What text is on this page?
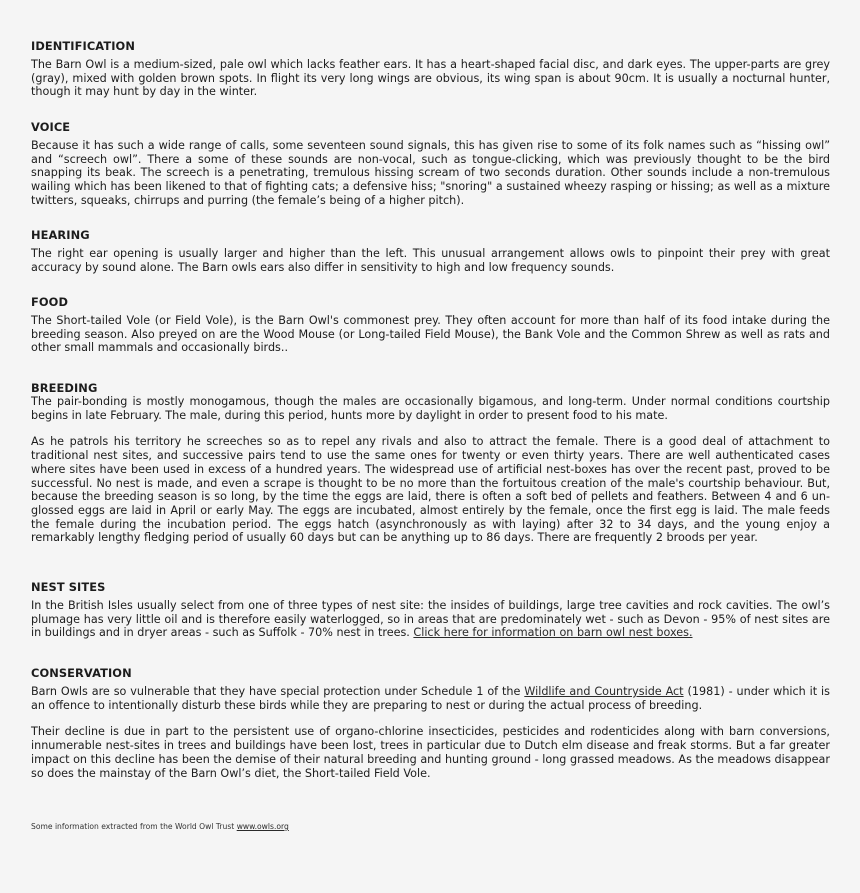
IDENTIFICATION

The Barn Owl is a medium-sized, pale owl which lacks feather ears. It has a heart-shaped facial disc, and dark eyes. The upper-parts are grey (gray), mixed with golden brown spots. In flight its very long wings are obvious, its wing span is about 90cm. It is usually a nocturnal hunter, though it may hunt by day in the winter.

VOICE

Because it has such a wide range of calls, some seventeen sound signals, this has given rise to some of its folk names such as “hissing owl” and “screech owl”. There a some of these sounds are non-vocal, such as tongue-clicking, which was previously thought to be the bird snapping its beak. The screech is a penetrating, tremulous hissing scream of two seconds duration. Other sounds include a non-tremulous wailing which has been likened to that of fighting cats; a defensive hiss; "snoring" a sustained wheezy rasping or hissing; as well as a mixture twitters, squeaks, chirrups and purring (the female’s being of a higher pitch).

HEARING

The right ear opening is usually larger and higher than the left. This unusual arrangement allows owls to pinpoint their prey with great accuracy by sound alone. The Barn owls ears also differ in sensitivity to high and low frequency sounds.

FOOD

The Short-tailed Vole (or Field Vole), is the Barn Owl's commonest prey. They often account for more than half of its food intake during the breeding season. Also preyed on are the Wood Mouse (or Long-tailed Field Mouse), the Bank Vole and the Common Shrew as well as rats and other small mammals and occasionally birds..

BREEDING

The pair-bonding is mostly monogamous, though the males are occasionally bigamous, and long-term. Under normal conditions courtship begins in late February. The male, during this period, hunts more by daylight in order to present food to his mate.

As he patrols his territory he screeches so as to repel any rivals and also to attract the female. There is a good deal of attachment to traditional nest sites, and successive pairs tend to use the same ones for twenty or even thirty years. There are well authenticated cases where sites have been used in excess of a hundred years. The widespread use of artificial nest-boxes has over the recent past, proved to be successful. No nest is made, and even a scrape is thought to be no more than the fortuitous creation of the male's courtship behaviour. But, because the breeding season is so long, by the time the eggs are laid, there is often a soft bed of pellets and feathers. Between 4 and 6 un-glossed eggs are laid in April or early May. The eggs are incubated, almost entirely by the female, once the first egg is laid. The male feeds the female during the incubation period. The eggs hatch (asynchronously as with laying) after 32 to 34 days, and the young enjoy a remarkably lengthy fledging period of usually 60 days but can be anything up to 86 days. There are frequently 2 broods per year.

NEST SITES

In the British Isles usually select from one of three types of nest site: the insides of buildings, large tree cavities and rock cavities. The owl’s plumage has very little oil and is therefore easily waterlogged, so in areas that are predominately wet - such as Devon - 95% of nest sites are in buildings and in dryer areas - such as Suffolk - 70% nest in trees. Click here for information on barn owl nest boxes.

CONSERVATION

Barn Owls are so vulnerable that they have special protection under Schedule 1 of the Wildlife and Countryside Act (1981) - under which it is an offence to intentionally disturb these birds while they are preparing to nest or during the actual process of breeding.

Their decline is due in part to the persistent use of organo-chlorine insecticides, pesticides and rodenticides along with barn conversions, innumerable nest-sites in trees and buildings have been lost, trees in particular due to Dutch elm disease and freak storms. But a far greater impact on this decline has been the demise of their natural breeding and hunting ground - long grassed meadows. As the meadows disappear so does the mainstay of the Barn Owl’s diet, the Short-tailed Field Vole.

Some information extracted from the World Owl Trust www.owls.org
